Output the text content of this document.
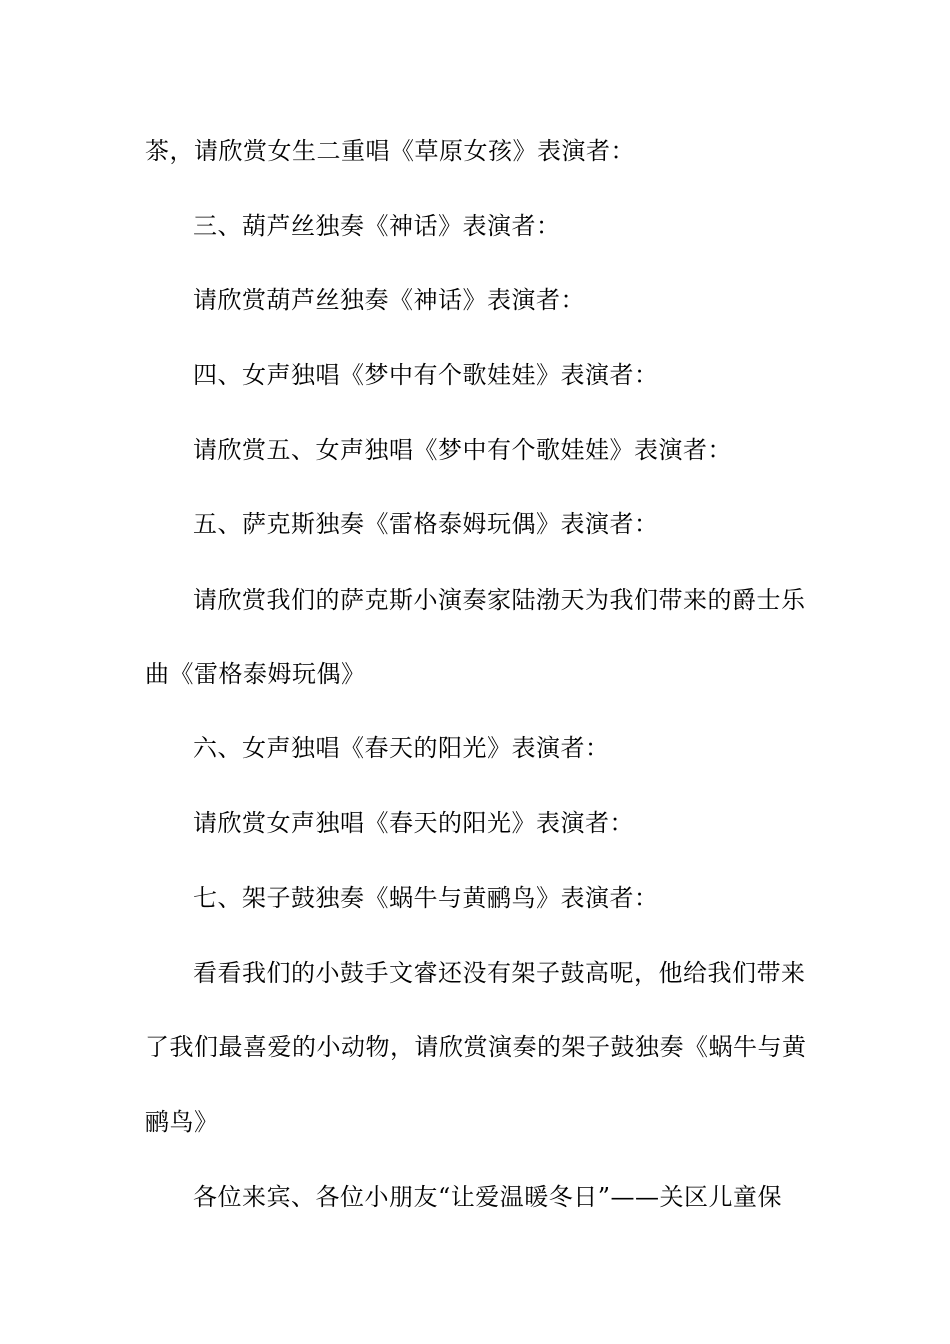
茶，请欣赏女生二重唱《草原女孩》表演者：
三、葫芦丝独奏《神话》表演者：
请欣赏葫芦丝独奏《神话》表演者：
四、女声独唱《梦中有个歌娃娃》表演者：
请欣赏五、女声独唱《梦中有个歌娃娃》表演者：
五、萨克斯独奏《雷格泰姆玩偶》表演者：
请欣赏我们的萨克斯小演奏家陆渤天为我们带来的爵士乐
曲《雷格泰姆玩偶》
六、女声独唱《春天的阳光》表演者：
请欣赏女声独唱《春天的阳光》表演者：
七、架子鼓独奏《蜗牛与黄鹂鸟》表演者：
看看我们的小鼓手文睿还没有架子鼓高呢，他给我们带来
了我们最喜爱的小动物，请欣赏演奏的架子鼓独奏《蜗牛与黄
鹂鸟》
各位来宾、各位小朋友“让爱温暖冬日”——关区儿童保
